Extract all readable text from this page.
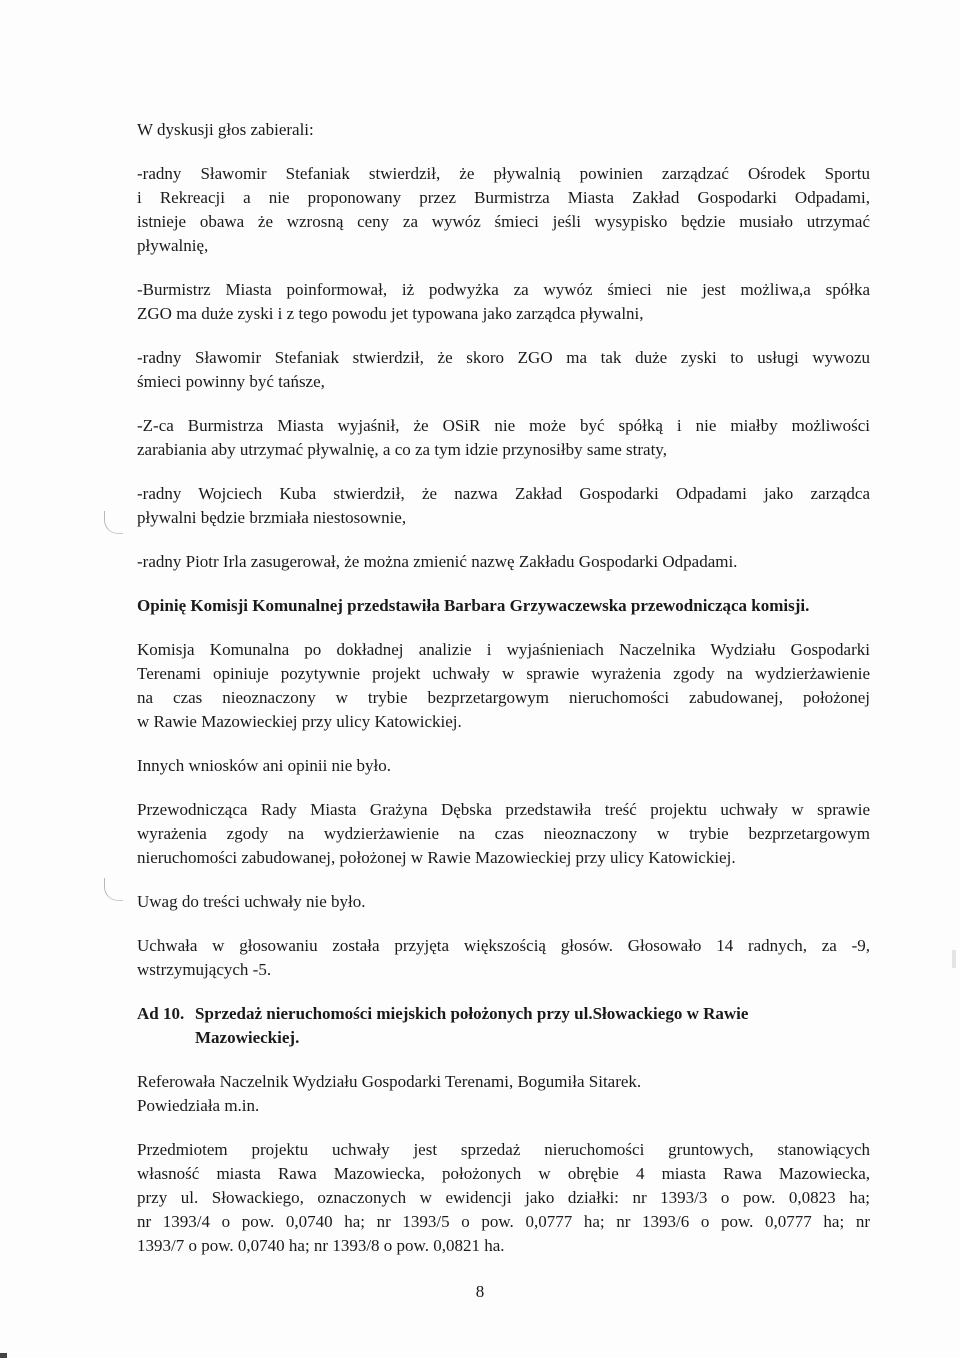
W dyskusji głos zabierali:

-radny Sławomir Stefaniak stwierdził, że pływalnią powinien zarządzać Ośrodek Sportu
i Rekreacji a nie proponowany przez Burmistrza Miasta Zakład Gospodarki Odpadami,
istnieje obawa że wzrosną ceny za wywóz śmieci jeśli wysypisko będzie musiało utrzymać
pływalnię,

-Burmistrz Miasta poinformował, iż podwyżka za wywóz śmieci nie jest możliwa,a spółka
ZGO ma duże zyski i z tego powodu jet typowana jako zarządca pływalni,

-radny Sławomir Stefaniak stwierdził, że skoro ZGO ma tak duże zyski to usługi wywozu
śmieci powinny być tańsze,

-Z-ca Burmistrza Miasta wyjaśnił, że OSiR nie może być spółką i nie miałby możliwości
zarabiania aby utrzymać pływalnię, a co za tym idzie przynosiłby same straty,

-radny Wojciech Kuba stwierdził, że nazwa Zakład Gospodarki Odpadami jako zarządca
pływalni będzie brzmiała niestosownie,

-radny Piotr Irla zasugerował, że można zmienić nazwę Zakładu Gospodarki Odpadami.

Opinię Komisji Komunalnej przedstawiła Barbara Grzywaczewska przewodnicząca komisji.

Komisja Komunalna po dokładnej analizie i wyjaśnieniach Naczelnika Wydziału Gospodarki
Terenami opiniuje pozytywnie projekt uchwały w sprawie wyrażenia zgody na wydzierżawienie
na czas nieoznaczony w trybie bezprzetargowym nieruchomości zabudowanej, położonej
w Rawie Mazowieckiej przy ulicy Katowickiej.

Innych wniosków ani opinii nie było.

Przewodnicząca Rady Miasta Grażyna Dębska przedstawiła treść projektu uchwały w sprawie
wyrażenia zgody na wydzierżawienie na czas nieoznaczony w trybie bezprzetargowym
nieruchomości zabudowanej, położonej w Rawie Mazowieckiej przy ulicy Katowickiej.

Uwag do treści uchwały nie było.

Uchwała w głosowaniu została przyjęta większością głosów. Głosowało 14 radnych, za -9,
wstrzymujących -5.

Ad 10. Sprzedaż nieruchomości miejskich położonych przy ul.Słowackiego w Rawie
Mazowieckiej.

Referowała Naczelnik Wydziału Gospodarki Terenami, Bogumiła Sitarek.
Powiedziała m.in.

Przedmiotem projektu uchwały jest sprzedaż nieruchomości gruntowych, stanowiących
własność miasta Rawa Mazowiecka, położonych w obrębie 4 miasta Rawa Mazowiecka,
przy ul. Słowackiego, oznaczonych w ewidencji jako działki: nr 1393/3 o pow. 0,0823 ha;
nr 1393/4 o pow. 0,0740 ha; nr 1393/5 o pow. 0,0777 ha; nr 1393/6 o pow. 0,0777 ha; nr
1393/7 o pow. 0,0740 ha; nr 1393/8 o pow. 0,0821 ha.

8
